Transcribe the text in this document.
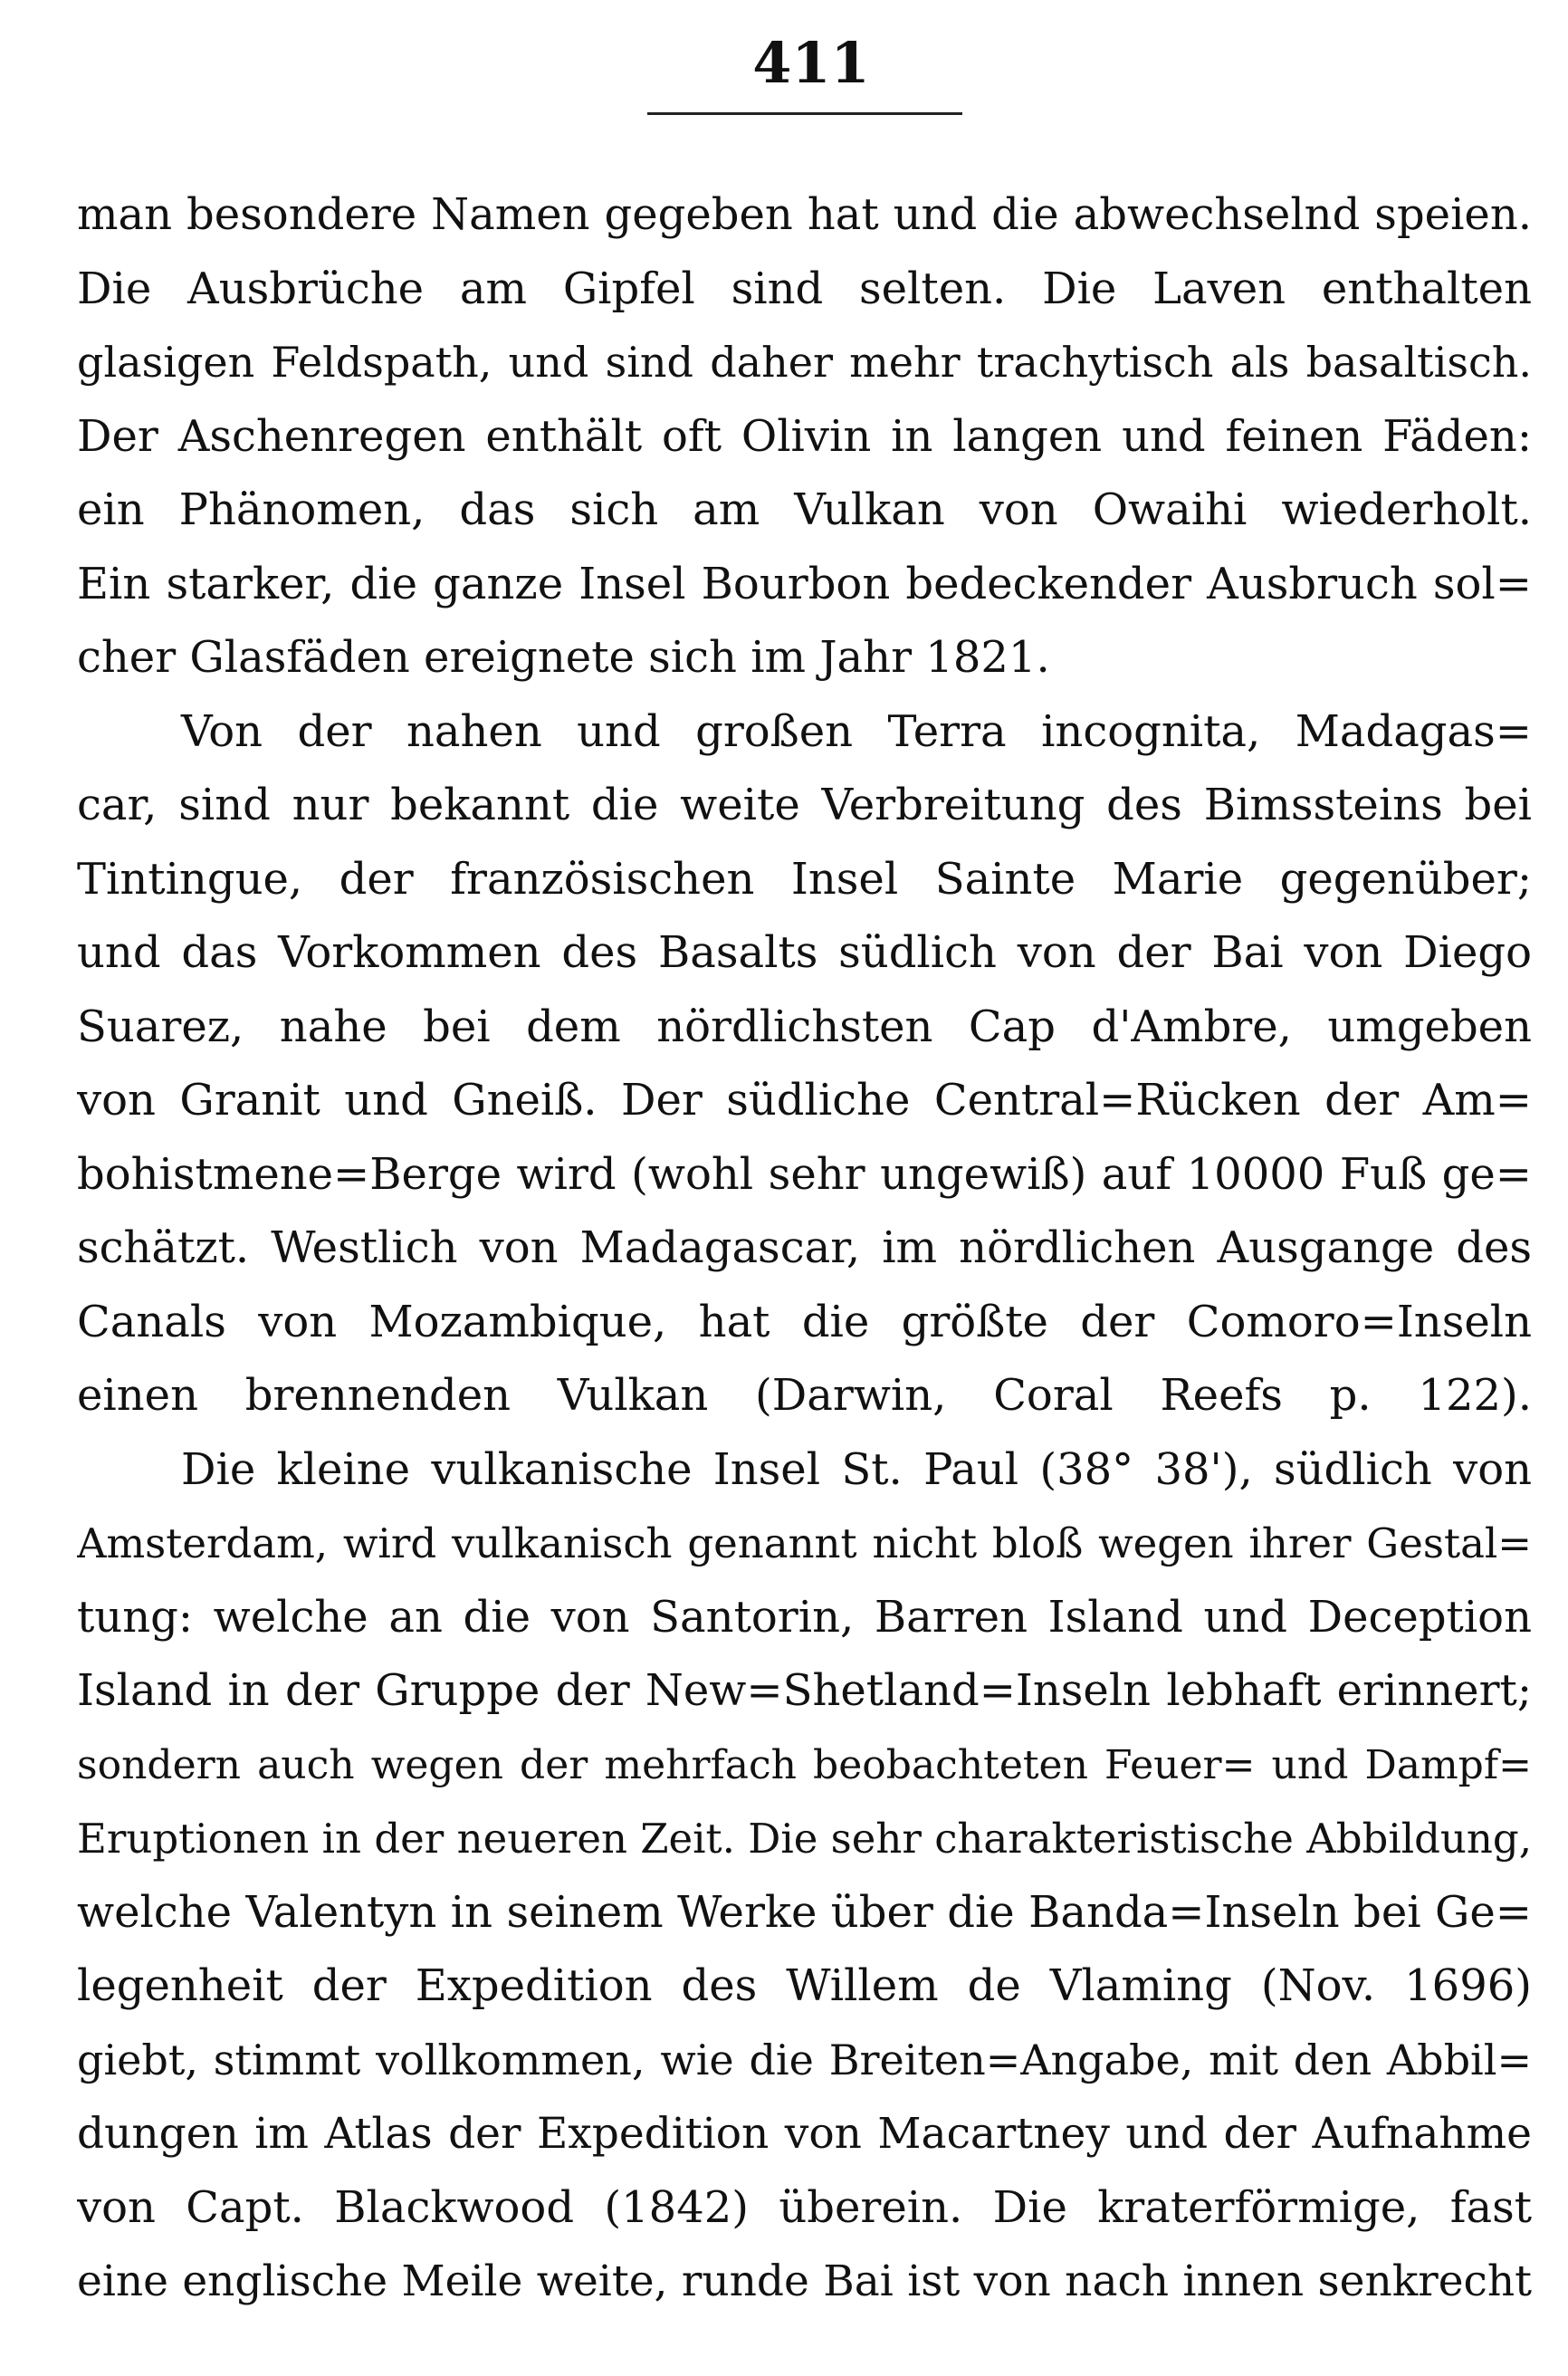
411
man besondere Namen gegeben hat und die abwechselnd speien.
Die Ausbrüche am Gipfel sind selten. Die Laven enthalten
glasigen Feldspath, und sind daher mehr trachytisch als basaltisch.
Der Aschenregen enthält oft Olivin in langen und feinen Fäden:
ein Phänomen, das sich am Vulkan von Owaihi wiederholt.
Ein starker, die ganze Insel Bourbon bedeckender Ausbruch sol=
cher Glasfäden ereignete sich im Jahr 1821.
Von der nahen und großen Terra incognita, Madagas=
car, sind nur bekannt die weite Verbreitung des Bimssteins bei
Tintingue, der französischen Insel Sainte Marie gegenüber;
und das Vorkommen des Basalts südlich von der Bai von Diego
Suarez, nahe bei dem nördlichsten Cap d'Ambre, umgeben
von Granit und Gneiß. Der südliche Central=Rücken der Am=
bohistmene=Berge wird (wohl sehr ungewiß) auf 10000 Fuß ge=
schätzt. Westlich von Madagascar, im nördlichen Ausgange des
Canals von Mozambique, hat die größte der Comoro=Inseln
einen brennenden Vulkan (Darwin, Coral Reefs p. 122).
Die kleine vulkanische Insel St. Paul (38° 38'), südlich von
Amsterdam, wird vulkanisch genannt nicht bloß wegen ihrer Gestal=
tung: welche an die von Santorin, Barren Island und Deception
Island in der Gruppe der New=Shetland=Inseln lebhaft erinnert;
sondern auch wegen der mehrfach beobachteten Feuer= und Dampf=
Eruptionen in der neueren Zeit. Die sehr charakteristische Abbildung,
welche Valentyn in seinem Werke über die Banda=Inseln bei Ge=
legenheit der Expedition des Willem de Vlaming (Nov. 1696)
giebt, stimmt vollkommen, wie die Breiten=Angabe, mit den Abbil=
dungen im Atlas der Expedition von Macartney und der Aufnahme
von Capt. Blackwood (1842) überein. Die kraterförmige, fast
eine englische Meile weite, runde Bai ist von nach innen senkrecht
